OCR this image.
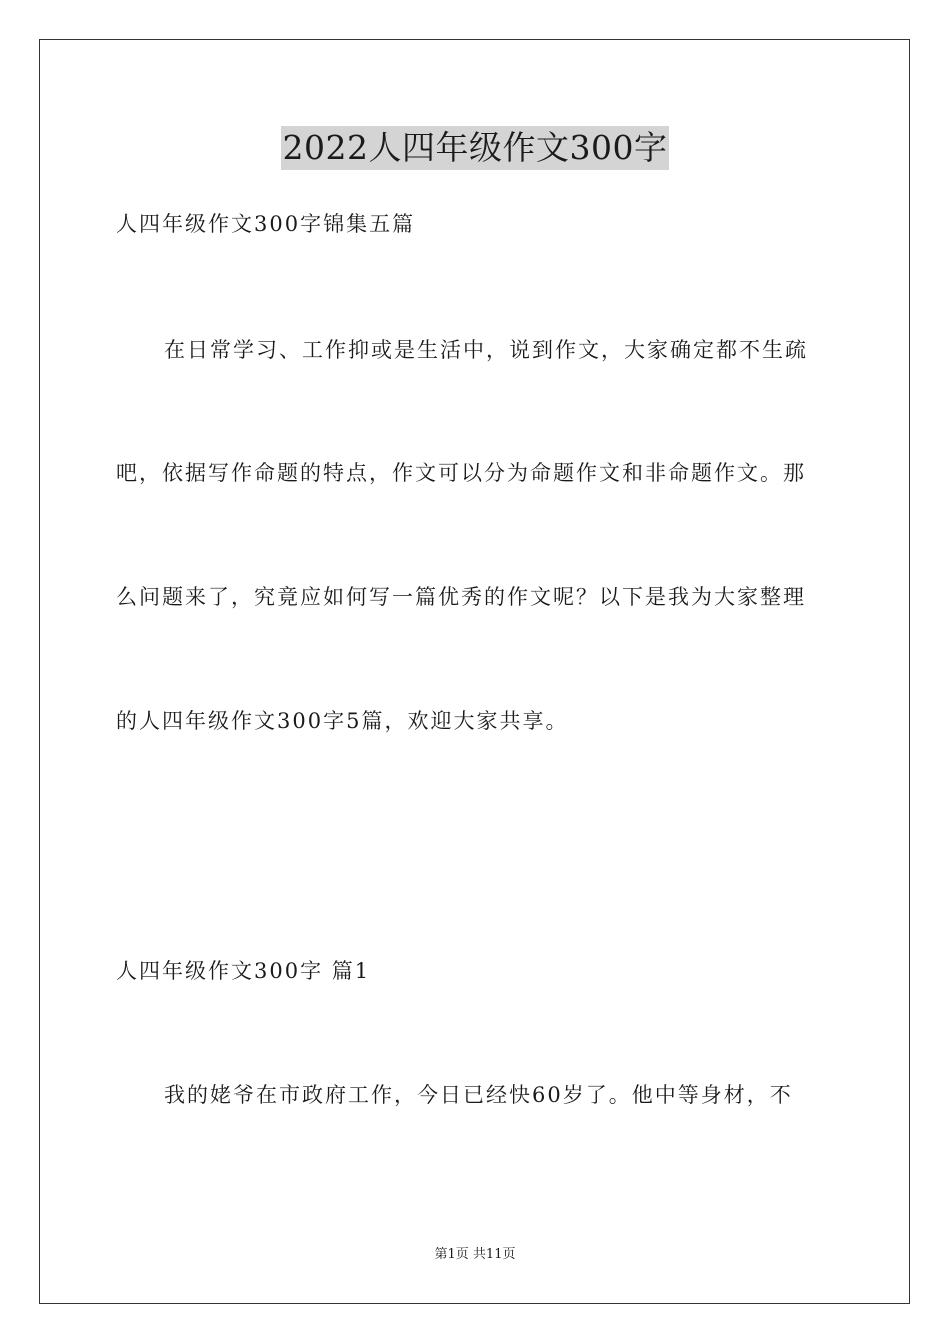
2022人四年级作文300字
人四年级作文300字锦集五篇
在日常学习、工作抑或是生活中，说到作文，大家确定都不生疏
吧，依据写作命题的特点，作文可以分为命题作文和非命题作文。那
么问题来了，究竟应如何写一篇优秀的作文呢？以下是我为大家整理
的人四年级作文300字5篇，欢迎大家共享。
人四年级作文300字 篇1
我的姥爷在市政府工作，今日已经快60岁了。他中等身材，不
第1页 共11页
